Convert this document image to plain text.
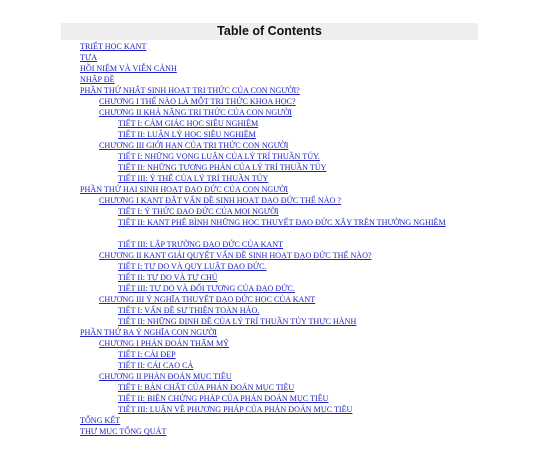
Table of Contents
TRIẾT HỌC KANT
TỰA
HỒI NIỆM VÀ VIỄN CẢNH
NHẬP ĐỀ
PHẦN THỨ NHẤT SINH HOẠT TRI THỨC CỦA CON NGƯỜI?
CHƯƠNG I THẾ NÀO LÀ MỘT TRI THỨC KHOA HỌC?
CHƯƠNG II KHẢ NĂNG TRI THỨC CỦA CON NGƯỜI
TIẾT I: CẢM GIÁC HỌC SIÊU NGHIỆM
TIẾT II: LUẬN LÝ HỌC SIÊU NGHIỆM
CHƯƠNG III GIỚI HẠN CỦA TRI THỨC CON NGƯỜI
TIẾT I: NHỮNG VỌNG LUẬN CỦA LÝ TRÍ THUẦN TÚY.
TIẾT II: NHỮNG TƯƠNG PHẢN CỦA LÝ TRÍ THUẦN TÚY
TIẾT III: Ý THỂ CỦA LÝ TRÍ THUẦN TÚY
PHẦN THỨ HAI SINH HOẠT ĐẠO ĐỨC CỦA CON NGƯỜI
CHƯƠNG I KANT ĐẶT VẤN ĐỀ SINH HOẠT ĐẠO ĐỨC THẾ NÀO ?
TIẾT I: Ý THỨC ĐẠO ĐỨC CỦA MỌI NGƯỜI
TIẾT II: KANT PHÊ BÌNH NHỮNG HỌC THUYẾT ĐẠO ĐỨC XÂY TRÊN THƯỜNG NGHIỆM
TIẾT III: LẬP TRƯỜNG ĐẠO ĐỨC CỦA KANT
CHƯƠNG II KANT GIẢI QUYẾT VẤN ĐỀ SINH HOẠT ĐẠO ĐỨC THẾ NÀO?
TIẾT I: TỰ DO VÀ QUY LUẬT ĐẠO ĐỨC.
TIẾT II: TỰ DO VÀ TỰ CHỦ
TIẾT III: TỰ DO VÀ ĐỐI TƯỢNG CỦA ĐẠO ĐỨC.
CHƯƠNG III Ý NGHĨA THUYẾT ĐẠO ĐỨC HỌC CỦA KANT
TIẾT I: VẤN ĐỀ SỰ THIỆN TOÀN HẢO.
TIẾT II: NHỮNG ĐỊNH ĐỀ CỦA LÝ TRÍ THUẦN TÚY THỰC HÀNH
PHẦN THỨ BA Ý NGHĨA CON NGƯỜI
CHƯƠNG I PHÁN ĐOÁN THẨM MỸ
TIẾT I: CÁI ĐẸP
TIẾT II: CÁI CAO CẢ
CHƯƠNG II PHÁN ĐOÁN MỤC TIÊU
TIẾT I: BẢN CHẤT CỦA PHÁN ĐOÁN MỤC TIÊU
TIẾT II: BIỆN CHỨNG PHÁP CỦA PHÁN ĐOÁN MỤC TIÊU
TIẾT III: LUẬN VỀ PHƯƠNG PHÁP CỦA PHÁN ĐOÁN MỤC TIÊU
TỔNG KẾT
THƯ MỤC TỔNG QUÁT
